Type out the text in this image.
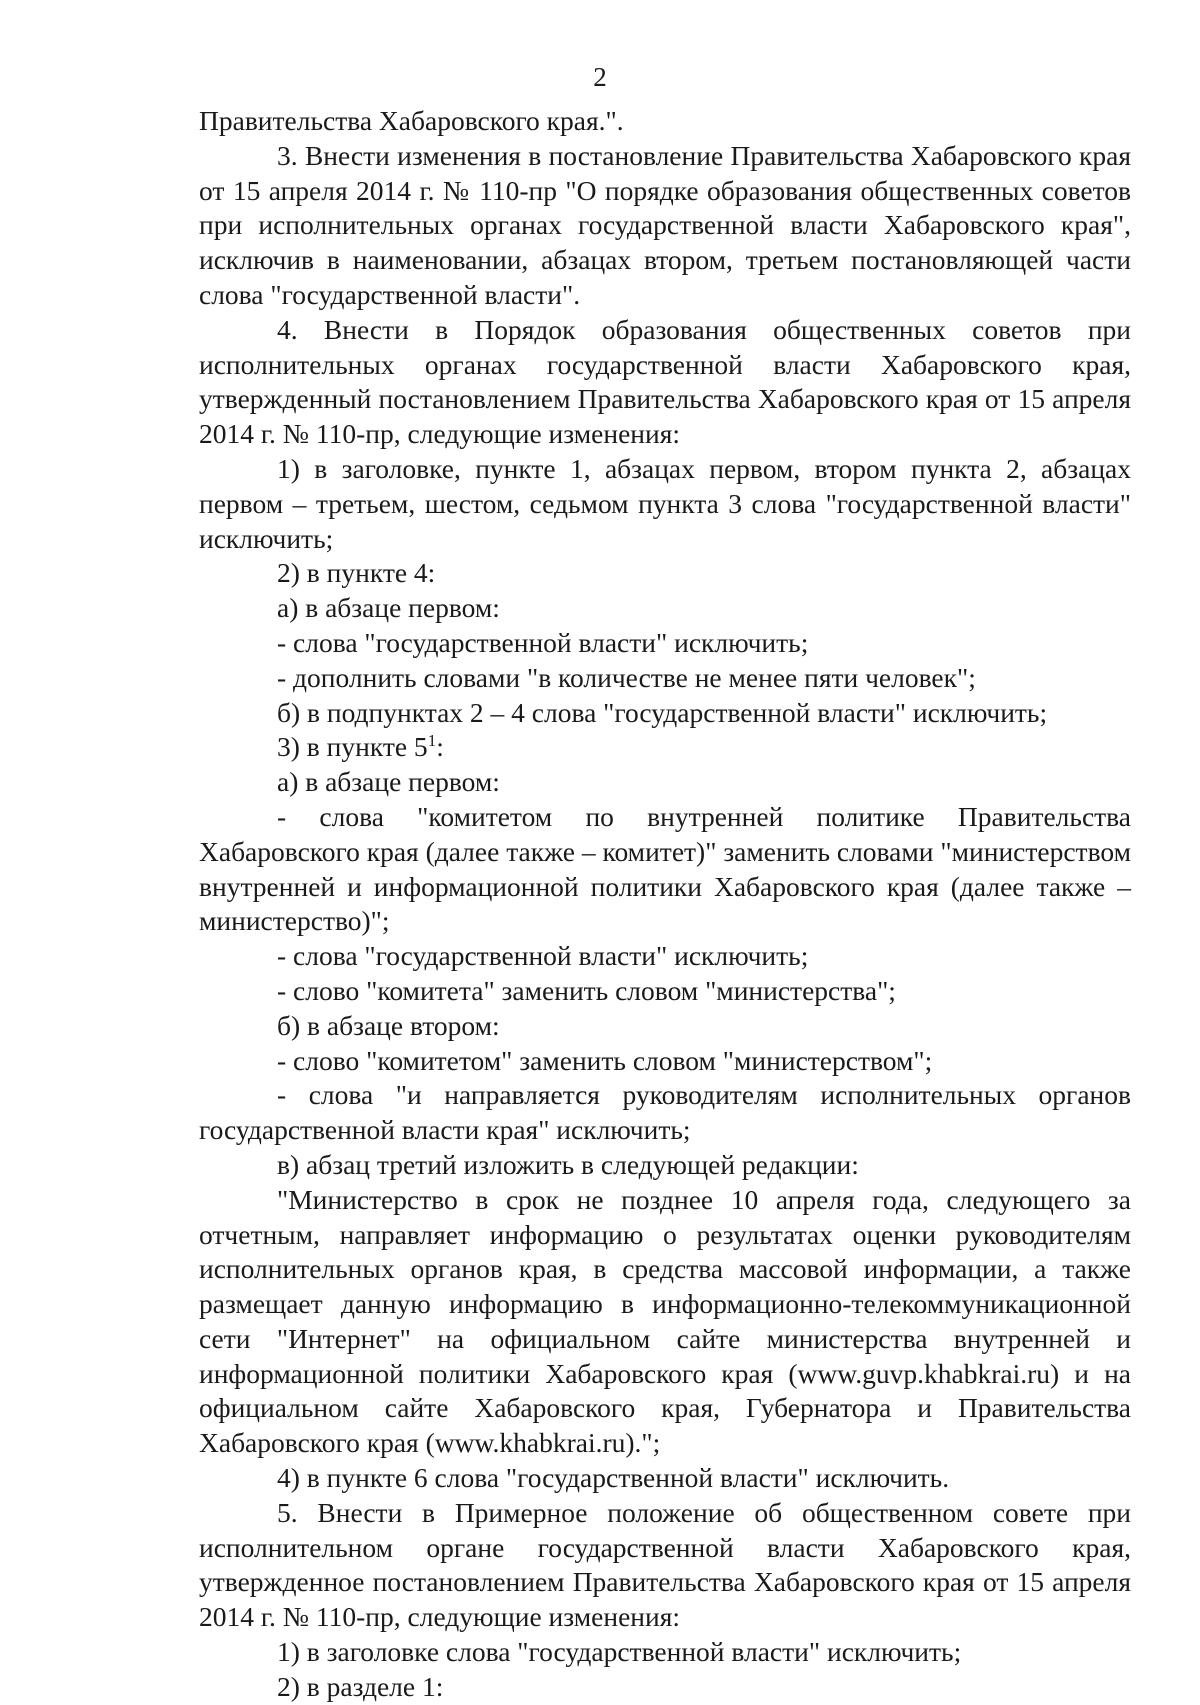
2

Правительства Хабаровского края.".

3. Внести изменения в постановление Правительства Хабаровского края от 15 апреля 2014 г. № 110-пр "О порядке образования общественных советов при исполнительных органах государственной власти Хабаровского края", исключив в наименовании, абзацах втором, третьем постановляющей части слова "государственной власти".

4. Внести в Порядок образования общественных советов при исполнительных органах государственной власти Хабаровского края, утвержденный постановлением Правительства Хабаровского края от 15 апреля 2014 г. № 110-пр, следующие изменения:

1) в заголовке, пункте 1, абзацах первом, втором пункта 2, абзацах первом – третьем, шестом, седьмом пункта 3 слова "государственной власти" исключить;

2) в пункте 4:

а) в абзаце первом:

- слова "государственной власти" исключить;

- дополнить словами "в количестве не менее пяти человек";

б) в подпунктах 2 – 4 слова "государственной власти" исключить;

3) в пункте $5^1$:

а) в абзаце первом:

- слова "комитетом по внутренней политике Правительства Хабаровского края (далее также – комитет)" заменить словами "министерством внутренней и информационной политики Хабаровского края (далее также – министерство)";

- слова "государственной власти" исключить;

- слово "комитета" заменить словом "министерства";

б) в абзаце втором:

- слово "комитетом" заменить словом "министерством";

- слова "и направляется руководителям исполнительных органов государственной власти края" исключить;

в) абзац третий изложить в следующей редакции:

"Министерство в срок не позднее 10 апреля года, следующего за отчетным, направляет информацию о результатах оценки руководителям исполнительных органов края, в средства массовой информации, а также размещает данную информацию в информационно-телекоммуникационной сети "Интернет" на официальном сайте министерства внутренней и информационной политики Хабаровского края (www.guvp.khabkrai.ru) и на официальном сайте Хабаровского края, Губернатора и Правительства Хабаровского края (www.khabkrai.ru).";

4) в пункте 6 слова "государственной власти" исключить.

5. Внести в Примерное положение об общественном совете при исполнительном органе государственной власти Хабаровского края, утвержденное постановлением Правительства Хабаровского края от 15 апреля 2014 г. № 110-пр, следующие изменения:

1) в заголовке слова "государственной власти" исключить;

2) в разделе 1:
